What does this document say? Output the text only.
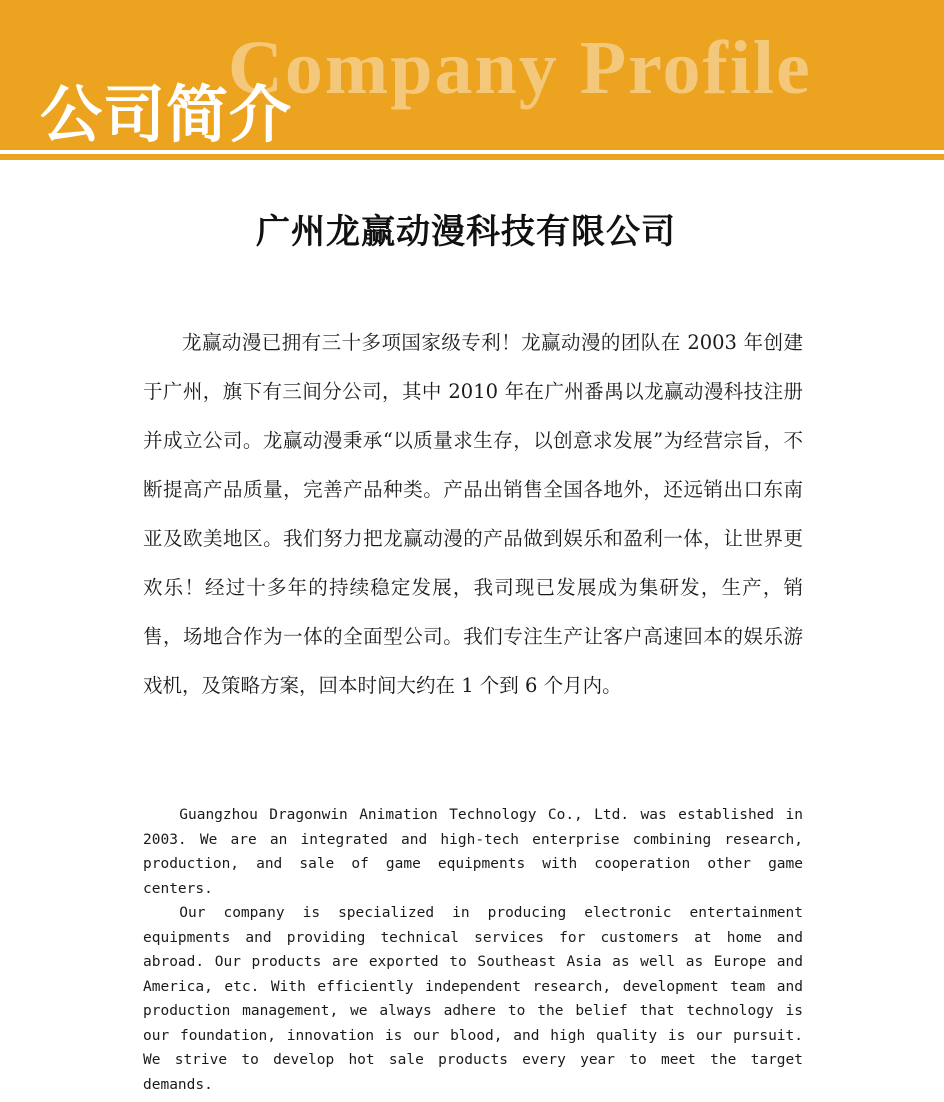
Company Profile
公司简介
广州龙赢动漫科技有限公司

龙赢动漫已拥有三十多项国家级专利！龙赢动漫的团队在 2003 年创建于广州，旗下有三间分公司，其中 2010 年在广州番禺以龙赢动漫科技注册并成立公司。龙赢动漫秉承“以质量求生存，以创意求发展”为经营宗旨，不断提高产品质量，完善产品种类。产品出销售全国各地外，还远销出口东南亚及欧美地区。我们努力把龙赢动漫的产品做到娱乐和盈利一体，让世界更欢乐！经过十多年的持续稳定发展，我司现已发展成为集研发，生产，销售，场地合作为一体的全面型公司。我们专注生产让客户高速回本的娱乐游戏机，及策略方案，回本时间大约在 1 个到 6 个月内。

Guangzhou Dragonwin Animation Technology Co., Ltd. was established in 2003. We are an integrated and high-tech enterprise combining research, production, and sale of game equipments with cooperation other game centers.

Our company is specialized in producing electronic entertainment equipments and providing technical services for customers at home and abroad. Our products are exported to Southeast Asia as well as Europe and America, etc. With efficiently independent research, development team and production management, we always adhere to the belief that technology is our foundation, innovation is our blood, and high quality is our pursuit. We strive to develop hot sale products every year to meet the target demands.
